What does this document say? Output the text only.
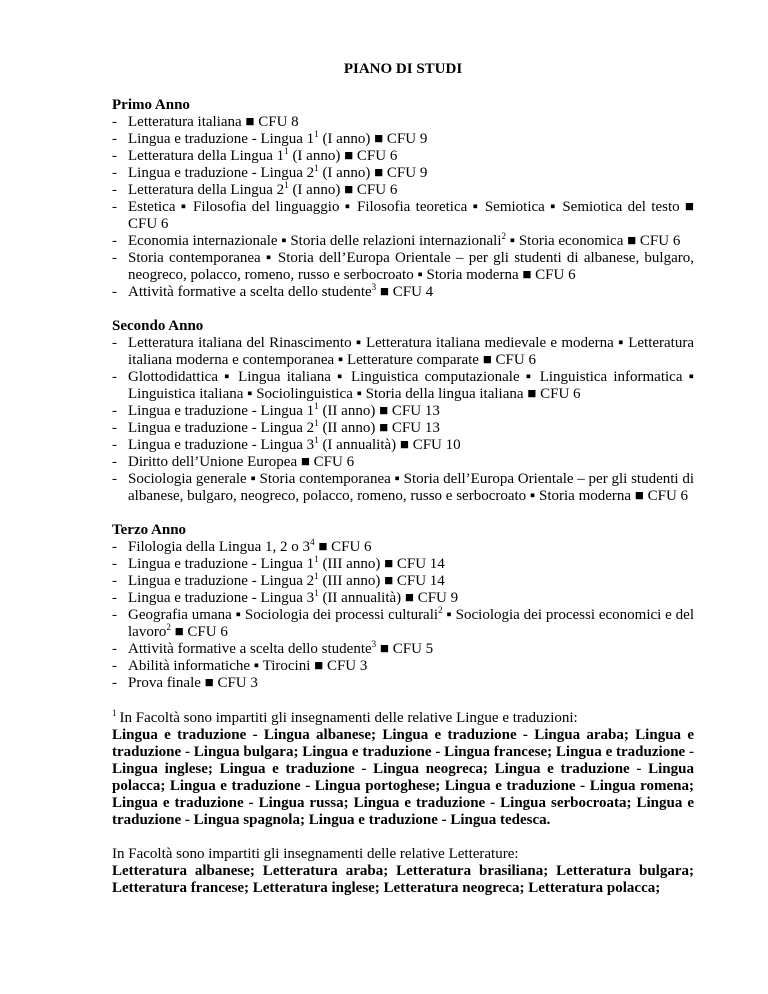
PIANO DI STUDI
Primo Anno
- Letteratura italiana ■ CFU 8
- Lingua e traduzione - Lingua $1^1$ (I anno) ■ CFU 9
- Letteratura della Lingua $1^1$ (I anno) ■ CFU 6
- Lingua e traduzione - Lingua $2^1$ (I anno) ■ CFU 9
- Letteratura della Lingua $2^1$ (I anno) ■ CFU 6
- Estetica ▪ Filosofia del linguaggio ▪ Filosofia teoretica ▪ Semiotica ▪ Semiotica del testo ■ CFU 6
- Economia internazionale ▪ Storia delle relazioni internazionali$^2$ ▪ Storia economica ■ CFU 6
- Storia contemporanea ▪ Storia dell’Europa Orientale – per gli studenti di albanese, bulgaro, neogreco, polacco, romeno, russo e serbocroato ▪ Storia moderna ■ CFU 6
- Attività formative a scelta dello studente$^3$ ■ CFU 4
Secondo Anno
- Letteratura italiana del Rinascimento ▪ Letteratura italiana medievale e moderna ▪ Letteratura italiana moderna e contemporanea ▪ Letterature comparate ■ CFU 6
- Glottodidattica ▪ Lingua italiana ▪ Linguistica computazionale ▪ Linguistica informatica ▪ Linguistica italiana ▪ Sociolinguistica ▪ Storia della lingua italiana ■ CFU 6
- Lingua e traduzione - Lingua $1^1$ (II anno) ■ CFU 13
- Lingua e traduzione - Lingua $2^1$ (II anno) ■ CFU 13
- Lingua e traduzione - Lingua $3^1$ (I annualità) ■ CFU 10
- Diritto dell’Unione Europea ■ CFU 6
- Sociologia generale ▪ Storia contemporanea ▪ Storia dell’Europa Orientale – per gli studenti di albanese, bulgaro, neogreco, polacco, romeno, russo e serbocroato ▪ Storia moderna ■ CFU 6
Terzo Anno
- Filologia della Lingua 1, 2 o $3^4$ ■ CFU 6
- Lingua e traduzione - Lingua $1^1$ (III anno) ■ CFU 14
- Lingua e traduzione - Lingua $2^1$ (III anno) ■ CFU 14
- Lingua e traduzione - Lingua $3^1$ (II annualità) ■ CFU 9
- Geografia umana ▪ Sociologia dei processi culturali$^2$ ▪ Sociologia dei processi economici e del lavoro$^2$ ■ CFU 6
- Attività formative a scelta dello studente$^3$ ■ CFU 5
- Abilità informatiche ▪ Tirocini ■ CFU 3
- Prova finale ■ CFU 3
$^1$ In Facoltà sono impartiti gli insegnamenti delle relative Lingue e traduzioni:
Lingua e traduzione - Lingua albanese; Lingua e traduzione - Lingua araba; Lingua e traduzione - Lingua bulgara; Lingua e traduzione - Lingua francese; Lingua e traduzione - Lingua inglese; Lingua e traduzione - Lingua neogreca; Lingua e traduzione - Lingua polacca; Lingua e traduzione - Lingua portoghese; Lingua e traduzione - Lingua romena; Lingua e traduzione - Lingua russa; Lingua e traduzione - Lingua serbocroata; Lingua e traduzione - Lingua spagnola; Lingua e traduzione - Lingua tedesca.
In Facoltà sono impartiti gli insegnamenti delle relative Letterature:
Letteratura albanese; Letteratura araba; Letteratura brasiliana; Letteratura bulgara; Letteratura francese; Letteratura inglese; Letteratura neogreca; Letteratura polacca;
